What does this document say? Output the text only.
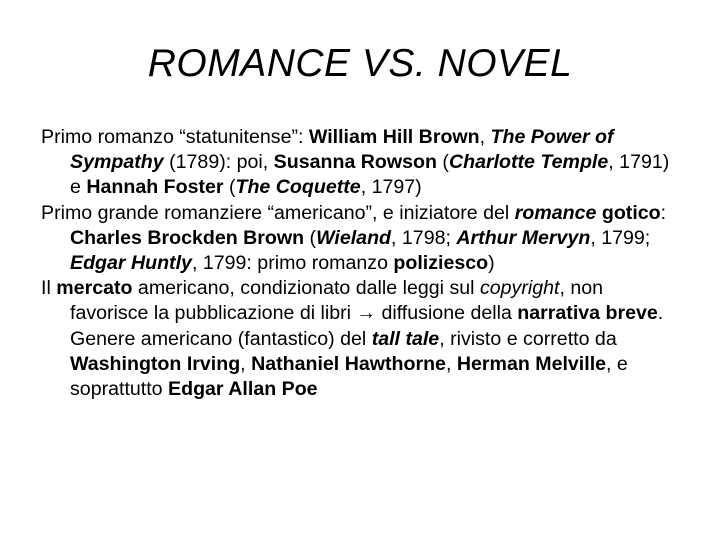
ROMANCE VS. NOVEL

Primo romanzo “statunitense”: William Hill Brown, The Power of Sympathy (1789): poi, Susanna Rowson (Charlotte Temple, 1791) e Hannah Foster (The Coquette, 1797)

Primo grande romanziere “americano”, e iniziatore del romance gotico: Charles Brockden Brown (Wieland, 1798; Arthur Mervyn, 1799; Edgar Huntly, 1799: primo romanzo poliziesco)

Il mercato americano, condizionato dalle leggi sul copyright, non favorisce la pubblicazione di libri → diffusione della narrativa breve. Genere americano (fantastico) del tall tale, rivisto e corretto da Washington Irving, Nathaniel Hawthorne, Herman Melville, e soprattutto Edgar Allan Poe
